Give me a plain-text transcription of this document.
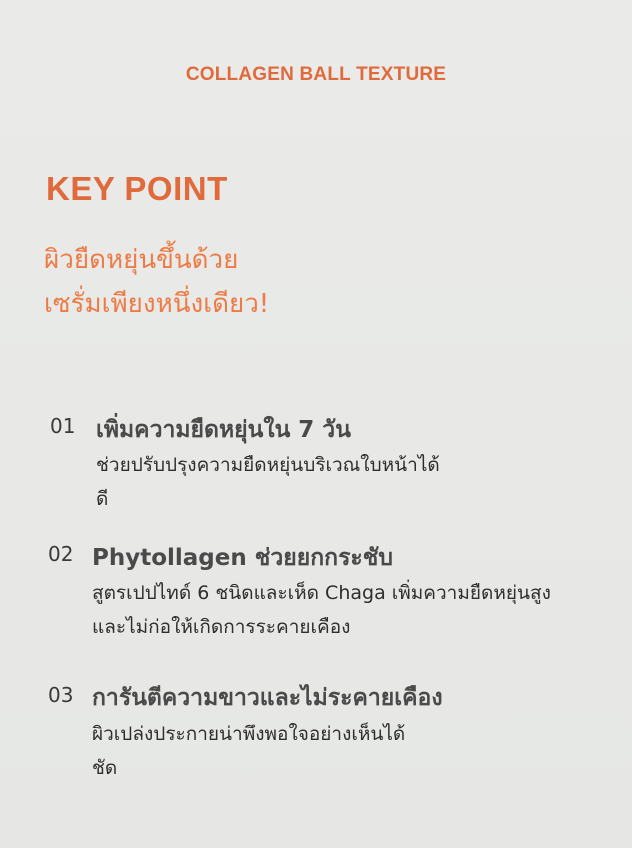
COLLAGEN BALL TEXTURE
KEY POINT
ผิวยืดหยุ่นขึ้นด้วย
เซรั่มเพียงหนึ่งเดียว!
01 เพิ่มความยืดหยุ่นใน 7 วัน
ช่วยปรับปรุงความยืดหยุ่นบริเวณใบหน้าได้
ดี
02 Phytollagen ช่วยยกกระชับ
สูตรเปปไทด์ 6 ชนิดและเห็ด Chaga เพิ่มความยืดหยุ่นสูง
และไม่ก่อให้เกิดการระคายเคือง
03 การันตีความขาวและไม่ระคายเคือง
ผิวเปล่งประกายน่าพึงพอใจอย่างเห็นได้
ชัด
